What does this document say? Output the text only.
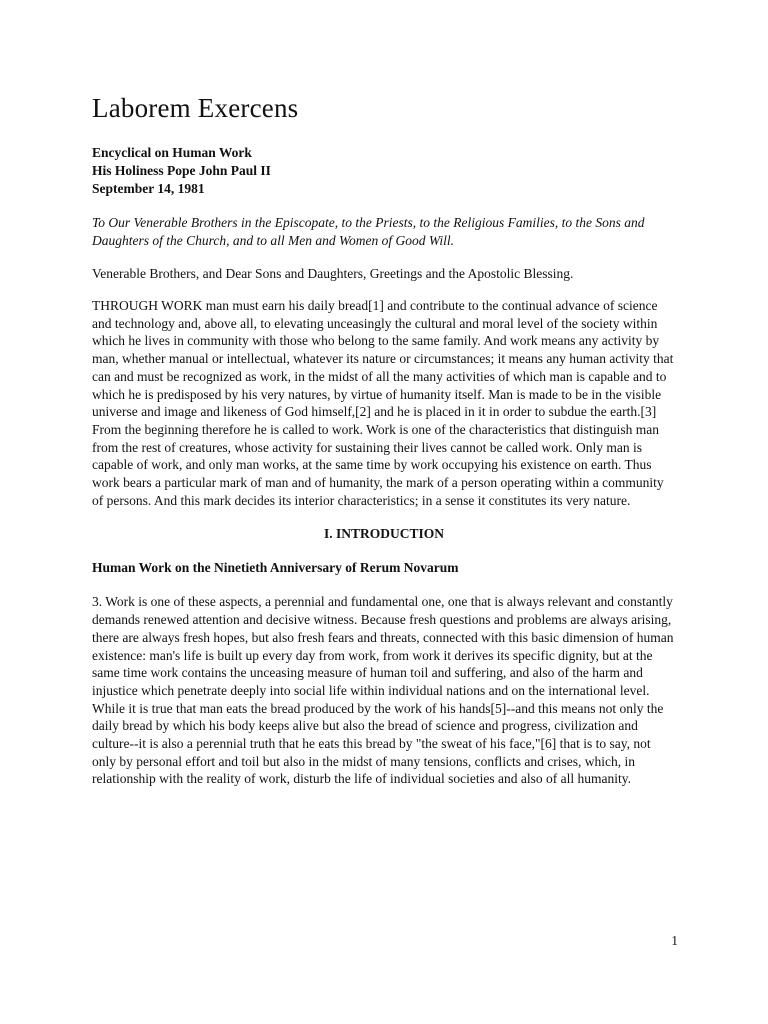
Laborem Exercens
Encyclical on Human Work
His Holiness Pope John Paul II
September 14, 1981

To Our Venerable Brothers in the Episcopate, to the Priests, to the Religious Families, to the Sons and Daughters of the Church, and to all Men and Women of Good Will.

Venerable Brothers, and Dear Sons and Daughters, Greetings and the Apostolic Blessing.

THROUGH WORK man must earn his daily bread[1] and contribute to the continual advance of science and technology and, above all, to elevating unceasingly the cultural and moral level of the society within which he lives in community with those who belong to the same family. And work means any activity by man, whether manual or intellectual, whatever its nature or circumstances; it means any human activity that can and must be recognized as work, in the midst of all the many activities of which man is capable and to which he is predisposed by his very natures, by virtue of humanity itself. Man is made to be in the visible universe and image and likeness of God himself,[2] and he is placed in it in order to subdue the earth.[3] From the beginning therefore he is called to work. Work is one of the characteristics that distinguish man from the rest of creatures, whose activity for sustaining their lives cannot be called work. Only man is capable of work, and only man works, at the same time by work occupying his existence on earth. Thus work bears a particular mark of man and of humanity, the mark of a person operating within a community of persons. And this mark decides its interior characteristics; in a sense it constitutes its very nature.

I. INTRODUCTION
Human Work on the Ninetieth Anniversary of Rerum Novarum

3. Work is one of these aspects, a perennial and fundamental one, one that is always relevant and constantly demands renewed attention and decisive witness. Because fresh questions and problems are always arising, there are always fresh hopes, but also fresh fears and threats, connected with this basic dimension of human existence: man's life is built up every day from work, from work it derives its specific dignity, but at the same time work contains the unceasing measure of human toil and suffering, and also of the harm and injustice which penetrate deeply into social life within individual nations and on the international level. While it is true that man eats the bread produced by the work of his hands[5]--and this means not only the daily bread by which his body keeps alive but also the bread of science and progress, civilization and culture--it is also a perennial truth that he eats this bread by "the sweat of his face,"[6] that is to say, not only by personal effort and toil but also in the midst of many tensions, conflicts and crises, which, in relationship with the reality of work, disturb the life of individual societies and also of all humanity.

1
